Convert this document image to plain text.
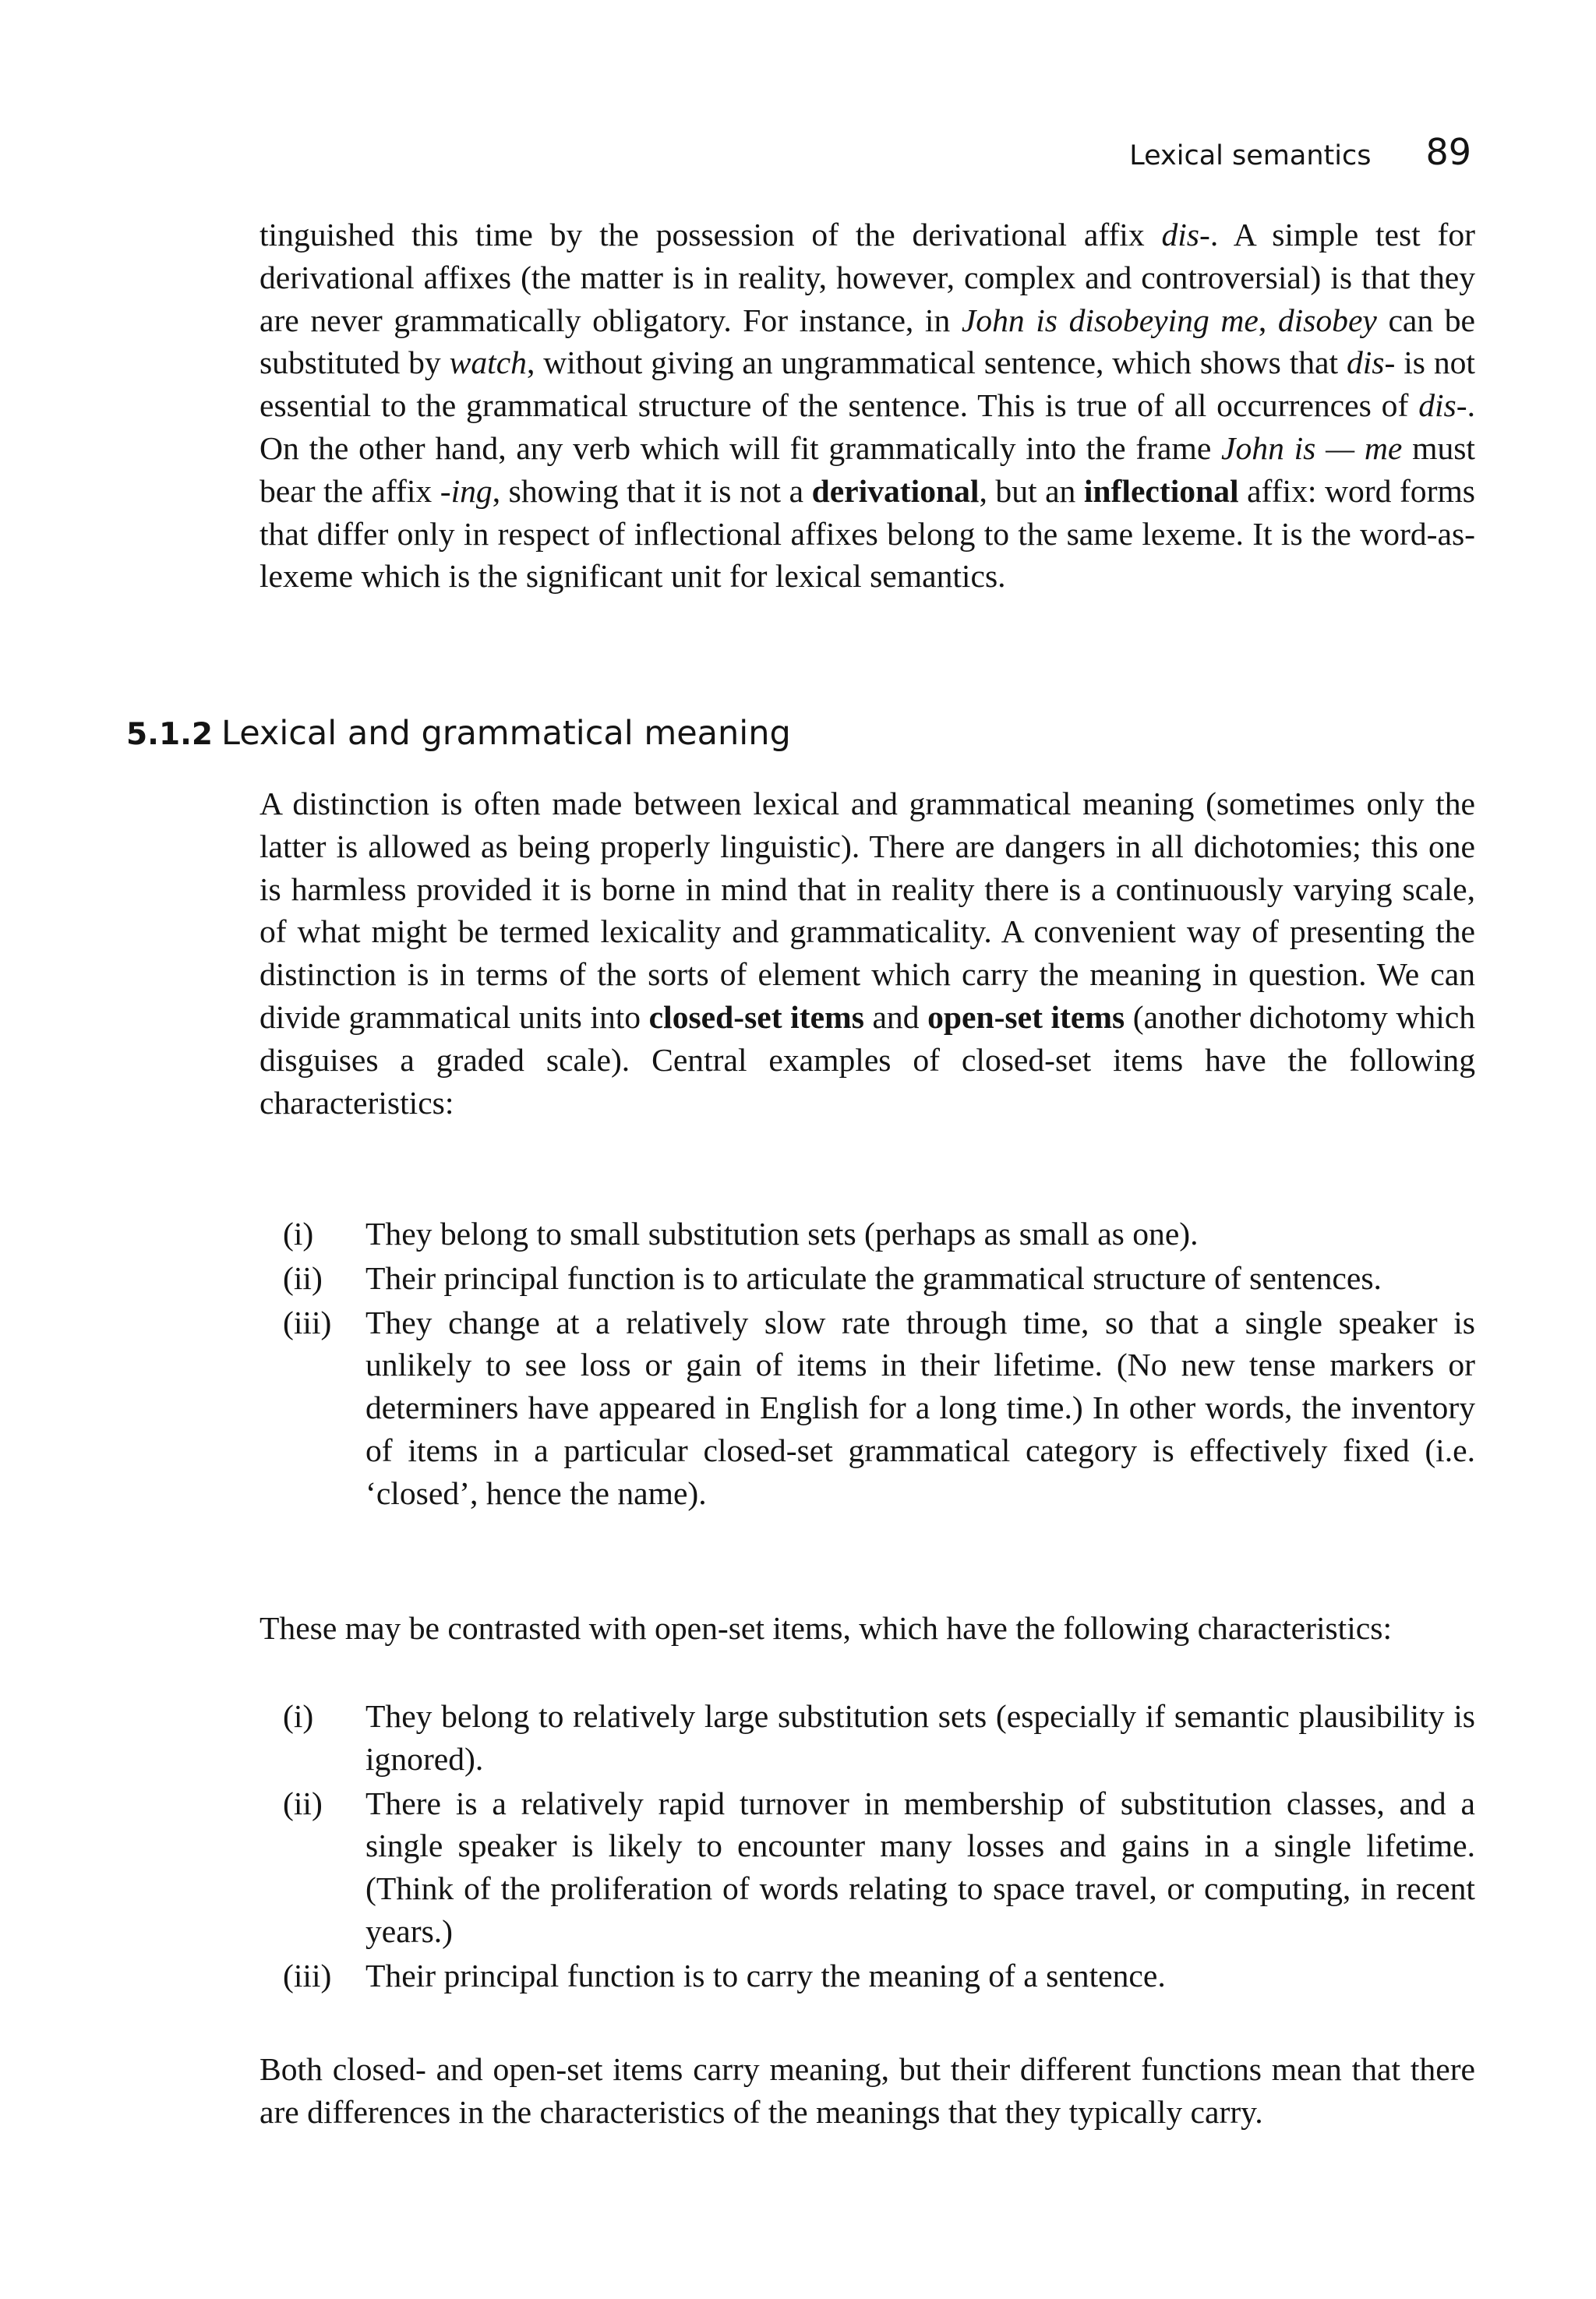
Lexical semantics 89

tinguished this time by the possession of the derivational affix dis-. A simple test for derivational affixes (the matter is in reality, however, complex and controversial) is that they are never grammatically obligatory. For instance, in John is disobeying me, disobey can be substituted by watch, without giving an ungrammatical sentence, which shows that dis- is not essential to the grammatical structure of the sentence. This is true of all occurrences of dis-. On the other hand, any verb which will fit grammatically into the frame John is — me must bear the affix -ing, showing that it is not a derivational, but an inflectional affix: word forms that differ only in respect of inflectional affixes belong to the same lexeme. It is the word-as-lexeme which is the significant unit for lexical semantics.

5.1.2 Lexical and grammatical meaning

A distinction is often made between lexical and grammatical meaning (sometimes only the latter is allowed as being properly linguistic). There are dangers in all dichotomies; this one is harmless provided it is borne in mind that in reality there is a continuously varying scale, of what might be termed lexicality and grammaticality. A convenient way of presenting the distinction is in terms of the sorts of element which carry the meaning in question. We can divide grammatical units into closed-set items and open-set items (another dichotomy which disguises a graded scale). Central examples of closed-set items have the following characteristics:

(i)	They belong to small substitution sets (perhaps as small as one).
(ii)	Their principal function is to articulate the grammatical structure of sentences.
(iii)	They change at a relatively slow rate through time, so that a single speaker is unlikely to see loss or gain of items in their lifetime. (No new tense markers or determiners have appeared in English for a long time.) In other words, the inventory of items in a particular closed-set grammatical category is effectively fixed (i.e. ‘closed’, hence the name).

These may be contrasted with open-set items, which have the following characteristics:

(i)	They belong to relatively large substitution sets (especially if semantic plausibility is ignored).
(ii)	There is a relatively rapid turnover in membership of substitution classes, and a single speaker is likely to encounter many losses and gains in a single lifetime. (Think of the proliferation of words relating to space travel, or computing, in recent years.)
(iii)	Their principal function is to carry the meaning of a sentence.

Both closed- and open-set items carry meaning, but their different functions mean that there are differences in the characteristics of the meanings that they typically carry.
